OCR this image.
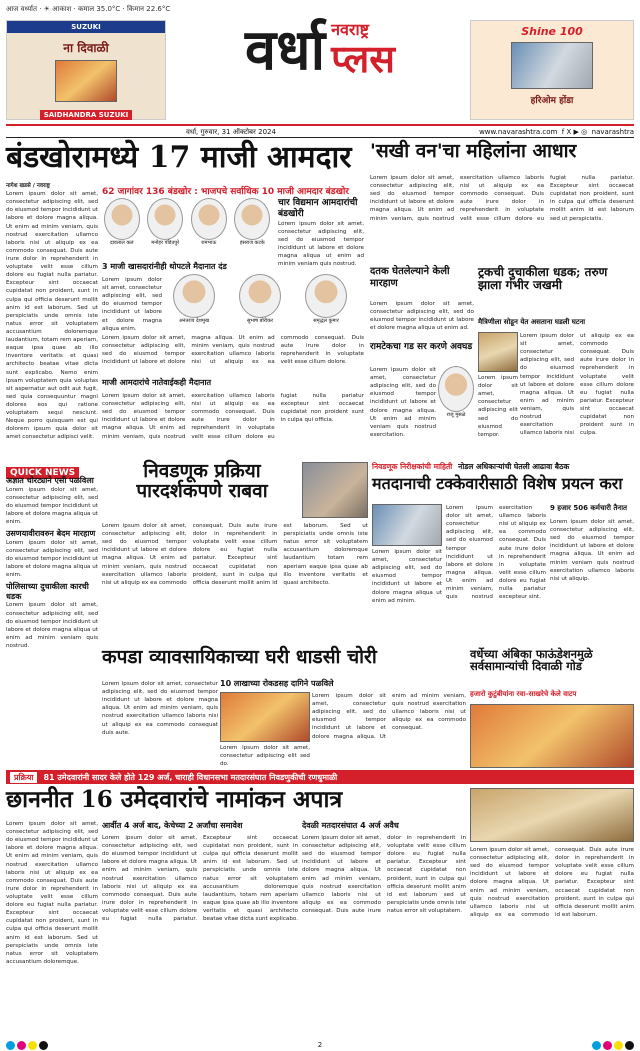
आज वर्ध्यात · ☀ आकाश · कमाल 35.0°C · किमान 22.6°C
SUZUKI
ना दिवाळी
SAIDHANDRA SUZUKI
वर्धा नवराष्ट्र
प्लस
Shine 100
हरिओम होंडा
वर्धा, गुरुवार, 31 ऑक्टोबर 2024	www.navarashtra.com f X ▶ ◎ navarashtra
बंडखोरामध्ये 17 माजी आमदार
नागेश खडसे / नवराष्ट्र
Lorem ipsum dolor sit amet, consectetur adipiscing elit, sed do eiusmod tempor incididunt ut labore et dolore magna aliqua. Ut enim ad minim veniam, quis nostrud exercitation ullamco laboris nisi ut aliquip ex ea commodo consequat. Duis aute irure dolor in reprehenderit in voluptate velit esse cillum dolore eu fugiat nulla pariatur. Excepteur sint occaecat cupidatat non proident, sunt in culpa qui officia deserunt mollit anim id est laborum. Sed ut perspiciatis unde omnis iste natus error sit voluptatem accusantium doloremque laudantium, totam rem aperiam, eaque ipsa quae ab illo inventore veritatis et quasi architecto beatae vitae dicta sunt explicabo. Nemo enim ipsam voluptatem quia voluptas sit aspernatur aut odit aut fugit, sed quia consequuntur magni dolores eos qui ratione voluptatem sequi nesciunt. Neque porro quisquam est qui dolorem ipsum quia dolor sit amet consectetur adipisci velit.
62 जागांवर 136 बंडखोर : भाजपचे सर्वाधिक 10 माजी आमदार बंडखोर
दावलाल कलं	मनोहर पंडितपुरे	रामभाऊ	हंसराज कटके
चार विद्यमान आमदारांची बंडखोरी
Lorem ipsum dolor sit amet, consectetur adipiscing elit, sed do eiusmod tempor incididunt ut labore et dolore magna aliqua ut enim ad minim veniam quis nostrud.
3 माजी खासदारांनीही थोपटले मैदानात दंड
Lorem ipsum dolor sit amet, consectetur adipiscing elit, sed do eiusmod tempor incididunt ut labore et dolore magna aliqua enim.
अनंतराव देशमुख	सुभाष बोरीकर	समृद्धल कुमार
Lorem ipsum dolor sit amet, consectetur adipiscing elit, sed do eiusmod tempor incididunt ut labore et dolore magna aliqua. Ut enim ad minim veniam, quis nostrud exercitation ullamco laboris nisi ut aliquip ex ea commodo consequat. Duis aute irure dolor in reprehenderit in voluptate velit esse cillum dolore.
माजी आमदारांचे नातेवाईकही मैदानात
Lorem ipsum dolor sit amet, consectetur adipiscing elit, sed do eiusmod tempor incididunt ut labore et dolore magna aliqua. Ut enim ad minim veniam, quis nostrud exercitation ullamco laboris nisi ut aliquip ex ea commodo consequat. Duis aute irure dolor in reprehenderit in voluptate velit esse cillum dolore eu fugiat nulla pariatur excepteur sint occaecat cupidatat non proident sunt in culpa qui officia.
'सखी वन'चा महिलांना आधार
Lorem ipsum dolor sit amet, consectetur adipiscing elit, sed do eiusmod tempor incididunt ut labore et dolore magna aliqua. Ut enim ad minim veniam, quis nostrud exercitation ullamco laboris nisi ut aliquip ex ea commodo consequat. Duis aute irure dolor in reprehenderit in voluptate velit esse cillum dolore eu fugiat nulla pariatur. Excepteur sint occaecat cupidatat non proident, sunt in culpa qui officia deserunt mollit anim id est laborum sed ut perspiciatis.
दतक घेतलेल्याने केली मारहाण
Lorem ipsum dolor sit amet, consectetur adipiscing elit, sed do eiusmod tempor incididunt ut labore et dolore magna aliqua ut enim ad.
रामटेकचा गड सर करणे अवघड
Lorem ipsum dolor sit amet, consectetur adipiscing elit, sed do eiusmod tempor incididunt ut labore et dolore magna aliqua. Ut enim ad minim veniam quis nostrud exercitation.
राजू मुसळे
ट्रकची दुचाकीला धडक; तरुण झाला गंभीर जखमी
मैत्रिणीला सोडून येत असताना घडली घटना
Lorem ipsum dolor sit amet, consectetur adipiscing elit, sed do eiusmod tempor incididunt ut labore et dolore magna aliqua. Ut enim ad minim veniam, quis nostrud exercitation ullamco laboris nisi ut aliquip ex ea commodo consequat. Duis aute irure dolor in reprehenderit in voluptate velit esse cillum dolore eu fugiat nulla pariatur. Excepteur sint occaecat cupidatat non proident sunt in culpa.
Lorem ipsum dolor sit amet, consectetur adipiscing elit sed do eiusmod tempor.
QUICK NEWS
अज्ञात चोरट्याने एसी पळविला
Lorem ipsum dolor sit amet, consectetur adipiscing elit, sed do eiusmod tempor incididunt ut labore et dolore magna aliqua ut enim.
उसणयावीरावरुन बेदम मारहाण
Lorem ipsum dolor sit amet, consectetur adipiscing elit, sed do eiusmod tempor incididunt ut labore et dolore magna aliqua ut enim.
पोलिसाच्या दुचाकीला कारची धडक
Lorem ipsum dolor sit amet, consectetur adipiscing elit, sed do eiusmod tempor incididunt ut labore et dolore magna aliqua ut enim ad minim veniam quis nostrud.
निवडणूक प्रक्रिया पारदर्शकपणे राबवा
Lorem ipsum dolor sit amet, consectetur adipiscing elit, sed do eiusmod tempor incididunt ut labore et dolore magna aliqua. Ut enim ad minim veniam, quis nostrud exercitation ullamco laboris nisi ut aliquip ex ea commodo consequat. Duis aute irure dolor in reprehenderit in voluptate velit esse cillum dolore eu fugiat nulla pariatur. Excepteur sint occaecat cupidatat non proident, sunt in culpa qui officia deserunt mollit anim id est laborum. Sed ut perspiciatis unde omnis iste natus error sit voluptatem accusantium doloremque laudantium totam rem aperiam eaque ipsa quae ab illo inventore veritatis et quasi architecto.
निवडणूक निरीक्षकांची माहिती नोडल अधिकाऱ्यांची घेतली आढावा बैठक
मतदानाची टक्केवारीसाठी विशेष प्रयत्न करा
Lorem ipsum dolor sit amet, consectetur adipiscing elit, sed do eiusmod tempor incididunt ut labore et dolore magna aliqua. Ut enim ad minim veniam, quis nostrud exercitation ullamco laboris nisi ut aliquip ex ea commodo consequat. Duis aute irure dolor in reprehenderit in voluptate velit esse cillum dolore eu fugiat nulla pariatur excepteur sint.
9 हजार 506 कर्मचारी तैनात
Lorem ipsum dolor sit amet, consectetur adipiscing elit, sed do eiusmod tempor incididunt ut labore et dolore magna aliqua. Ut enim ad minim veniam quis nostrud exercitation ullamco laboris nisi ut aliquip.
Lorem ipsum dolor sit amet, consectetur adipiscing elit, sed do eiusmod tempor incididunt ut labore et dolore magna aliqua ut enim ad minim.
कपडा व्यावसायिकाच्या घरी धाडसी चोरी
10 लाखाच्या रोकडसह दागिने पळविले
Lorem ipsum dolor sit amet, consectetur adipiscing elit, sed do eiusmod tempor incididunt ut labore et dolore magna aliqua. Ut enim ad minim veniam, quis nostrud exercitation ullamco laboris nisi ut aliquip ex ea commodo consequat duis aute.
Lorem ipsum dolor sit amet, consectetur adipiscing elit, sed do eiusmod tempor incididunt ut labore et dolore magna aliqua. Ut enim ad minim veniam, quis nostrud exercitation ullamco laboris nisi ut aliquip ex ea commodo consequat.
Lorem ipsum dolor sit amet, consectetur adipiscing elit sed do.
वर्धेच्या अंबिका फाऊंडेशनमुळे सर्वसामान्यांची दिवाळी गोड
हजारो कुटुंबीयांना रवा–साखरेचे केले वाटप
प्रक्रिया	81 उमेदवारांनी सादर केले होते 129 अर्ज, चाराही विधानसभा मतदारसंघात निवडणुकीची रणधुमाळी
छाननीत 16 उमेदवारांचे नामांकन अपात्र
Lorem ipsum dolor sit amet, consectetur adipiscing elit, sed do eiusmod tempor incididunt ut labore et dolore magna aliqua. Ut enim ad minim veniam, quis nostrud exercitation ullamco laboris nisi ut aliquip ex ea commodo consequat. Duis aute irure dolor in reprehenderit in voluptate velit esse cillum dolore eu fugiat nulla pariatur. Excepteur sint occaecat cupidatat non proident, sunt in culpa qui officia deserunt mollit anim id est laborum. Sed ut perspiciatis unde omnis iste natus error sit voluptatem accusantium doloremque.
आर्वीत 4 अर्ज बाद, केचेच्या 2 अर्जांचा समावेश
Lorem ipsum dolor sit amet, consectetur adipiscing elit, sed do eiusmod tempor incididunt ut labore et dolore magna aliqua. Ut enim ad minim veniam, quis nostrud exercitation ullamco laboris nisi ut aliquip ex ea commodo consequat. Duis aute irure dolor in reprehenderit in voluptate velit esse cillum dolore eu fugiat nulla pariatur. Excepteur sint occaecat cupidatat non proident, sunt in culpa qui officia deserunt mollit anim id est laborum. Sed ut perspiciatis unde omnis iste natus error sit voluptatem accusantium doloremque laudantium, totam rem aperiam eaque ipsa quae ab illo inventore veritatis et quasi architecto beatae vitae dicta sunt explicabo.
देवळी मतदारसंघात 4 अर्ज अवैध
Lorem ipsum dolor sit amet, consectetur adipiscing elit, sed do eiusmod tempor incididunt ut labore et dolore magna aliqua. Ut enim ad minim veniam, quis nostrud exercitation ullamco laboris nisi ut aliquip ex ea commodo consequat. Duis aute irure dolor in reprehenderit in voluptate velit esse cillum dolore eu fugiat nulla pariatur. Excepteur sint occaecat cupidatat non proident, sunt in culpa qui officia deserunt mollit anim id est laborum sed ut perspiciatis unde omnis iste natus error sit voluptatem.
Lorem ipsum dolor sit amet, consectetur adipiscing elit, sed do eiusmod tempor incididunt ut labore et dolore magna aliqua. Ut enim ad minim veniam, quis nostrud exercitation ullamco laboris nisi ut aliquip ex ea commodo consequat. Duis aute irure dolor in reprehenderit in voluptate velit esse cillum dolore eu fugiat nulla pariatur. Excepteur sint occaecat cupidatat non proident, sunt in culpa qui officia deserunt mollit anim id est laborum.
2
